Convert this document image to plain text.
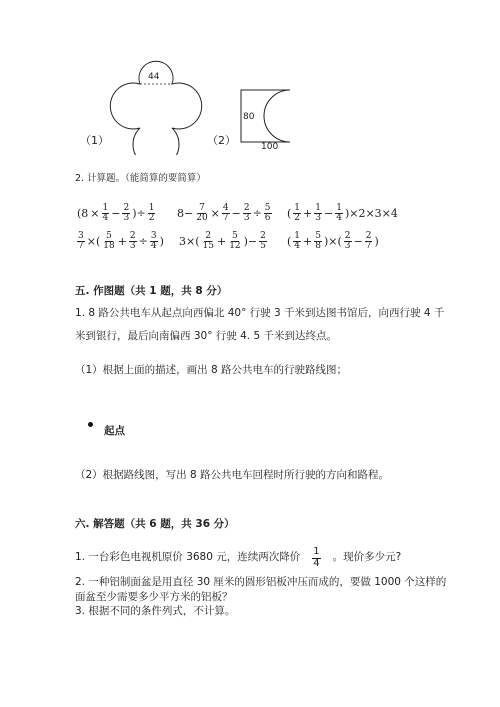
44
（1）
80
100
（2）
2. 计算题。（能简算的要简算）
($8 \times \frac{1}{4} - \frac{2}{3}$ )÷ $\frac{1}{2} 8- \frac{7}{20} \times \frac{4}{7} - \frac{2}{3} \div \frac{5}{6}$ ( $\frac{1}{2} + \frac{1}{3} - \frac{1}{4} )\times 2\times 3\times 4$
$\frac{3}{7}$ ×( $\frac{5}{18} + \frac{2}{3} \div \frac{3}{4}$ ) $3\times( \frac{2}{15} + \frac{5}{12}$ )− $\frac{2}{5}$ ( $\frac{1}{4} + \frac{5}{8}$ )×( $\frac{2}{3} - \frac{2}{7}$ )
五. 作图题（共 1 题，共 8 分）
1. 8 路公共电车从起点向西偏北 40° 行驶 3 千米到达图书馆后，向西行驶 4 千
米到银行，最后向南偏西 30° 行驶 4. 5 千米到达终点。
（1）根据上面的描述，画出 8 路公共电车的行驶路线图；
起点
（2）根据路线图，写出 8 路公共电车回程时所行驶的方向和路程。
六. 解答题（共 6 题，共 36 分）
1. 一台彩色电视机原价 3680 元，连续两次降价 $\frac{1}{4}$ 。现价多少元?
2. 一种铝制面盆是用直径 30 厘米的圆形铝板冲压而成的，要做 1000 个这样的
面盆至少需要多少平方米的铝板？
3. 根据不同的条件列式，不计算。
